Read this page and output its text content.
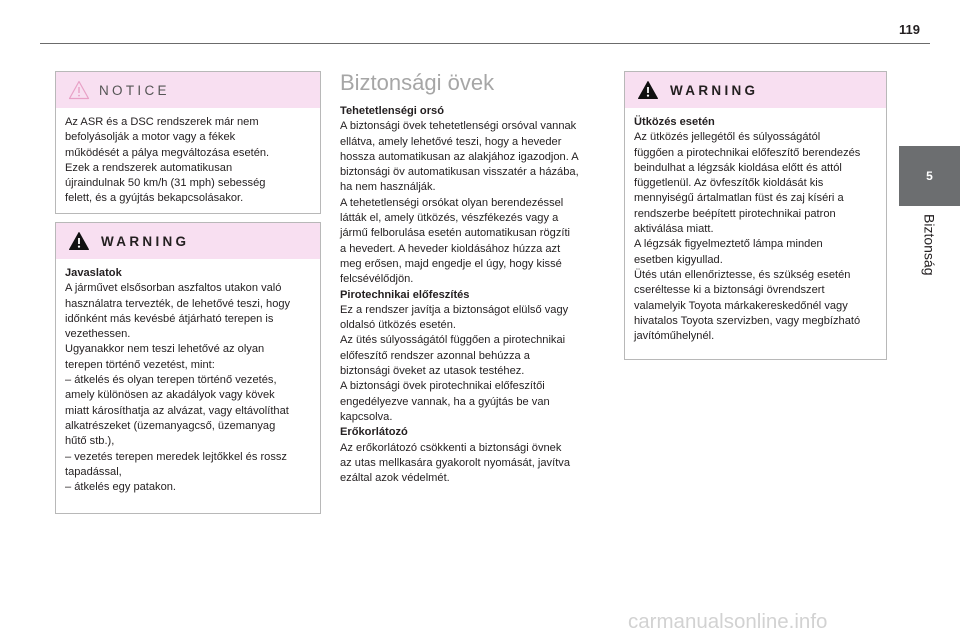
119
5
Biztonság
NOTICE

Az ASR és a DSC rendszerek már nem

befolyásolják a motor vagy a fékek

működését a pálya megváltozása esetén.

Ezek a rendszerek automatikusan

újraindulnak 50 km/h (31 mph) sebesség

felett, és a gyújtás bekapcsolásakor.

WARNING

Javaslatok

A járművet elsősorban aszfaltos utakon való

használatra tervezték, de lehetővé teszi, hogy

időnként más kevésbé átjárható terepen is

vezethessen.

Ugyanakkor nem teszi lehetővé az olyan

terepen történő vezetést, mint:

– átkelés és olyan terepen történő vezetés,

amely különösen az akadályok vagy kövek

miatt károsíthatja az alvázat, vagy eltávolíthat

alkatrészeket (üzemanyagcső, üzemanyag

hűtő stb.),

– vezetés terepen meredek lejtőkkel és rossz

tapadással,

– átkelés egy patakon.

Biztonsági övek

Tehetetlenségi orsó

A biztonsági övek tehetetlenségi orsóval vannak

ellátva, amely lehetővé teszi, hogy a heveder

hossza automatikusan az alakjához igazodjon. A

biztonsági öv automatikusan visszatér a házába,

ha nem használják.

A tehetetlenségi orsókat olyan berendezéssel

látták el, amely ütközés, vészfékezés vagy a

jármű felborulása esetén automatikusan rögzíti

a hevedert. A heveder kioldásához húzza azt

meg erősen, majd engedje el úgy, hogy kissé

felcsévélődjön.

Pirotechnikai előfeszítés

Ez a rendszer javítja a biztonságot elülső vagy

oldalsó ütközés esetén.

Az ütés súlyosságától függően a pirotechnikai

előfeszítő rendszer azonnal behúzza a

biztonsági öveket az utasok testéhez.

A biztonsági övek pirotechnikai előfeszítői

engedélyezve vannak, ha a gyújtás be van

kapcsolva.

Erőkorlátozó

Az erőkorlátozó csökkenti a biztonsági övnek

az utas mellkasára gyakorolt nyomását, javítva

ezáltal azok védelmét.

WARNING

Ütközés esetén

Az ütközés jellegétől és súlyosságától

függően a pirotechnikai előfeszítő berendezés

beindulhat a légzsák kioldása előtt és attól

függetlenül. Az övfeszítők kioldását kis

mennyiségű ártalmatlan füst és zaj kíséri a

rendszerbe beépített pirotechnikai patron

aktiválása miatt.

A légzsák figyelmeztető lámpa minden

esetben kigyullad.

Ütés után ellenőriztesse, és szükség esetén

cseréltesse ki a biztonsági övrendszert

valamelyik Toyota márkakereskedőnél vagy

hivatalos Toyota szervizben, vagy megbízható

javítóműhelynél.

carmanualsonline.info
